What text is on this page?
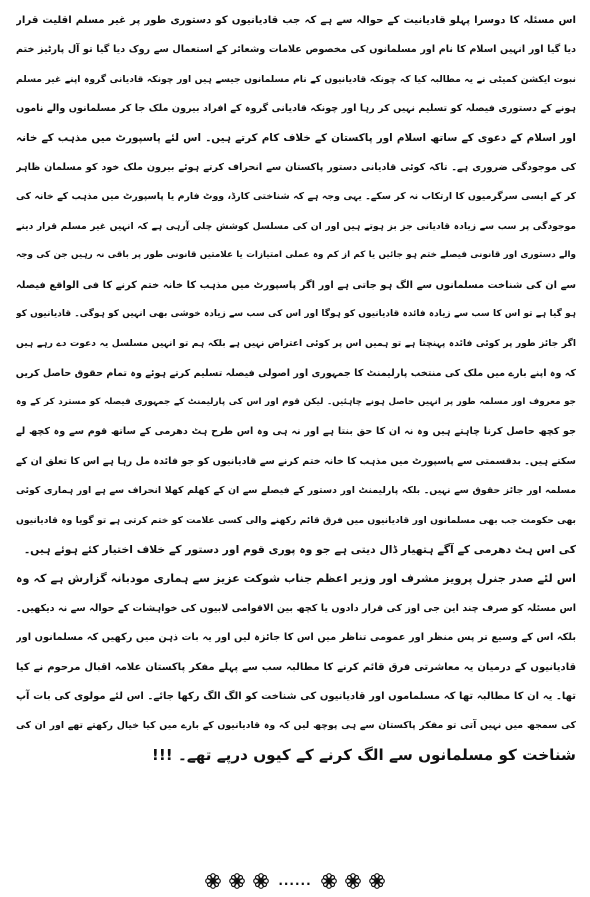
اس مسئلہ کا دوسرا پہلو قادیانیت کے حوالہ سے ہے کہ جب قادیانیوں کو دستوری طور پر غیر مسلم اقلیت قرار
دیا گیا اور انہیں اسلام کا نام اور مسلمانوں کی مخصوص علامات وشعائر کے استعمال سے روک دیا گیا تو آل پارٹیز ختم
نبوت ایکشن کمیٹی نے یہ مطالبہ کیا کہ چونکہ قادیانیوں کے نام مسلمانوں جیسے ہیں اور چونکہ قادیانی گروہ اپنے غیر مسلم
ہونے کے دستوری فیصلہ کو تسلیم نہیں کر رہا اور چونکہ قادیانی گروہ کے افراد بیرون ملک جا کر مسلمانوں والے ناموں
اور اسلام کے دعوی کے ساتھ اسلام اور پاکستان کے خلاف کام کرتے ہیں۔ اس لئے پاسپورٹ میں مذہب کے خانہ
کی موجودگی ضروری ہے۔ تاکہ کوئی قادیانی دستور پاکستان سے انحراف کرتے ہوئے بیرون ملک خود کو مسلمان ظاہر
کر کے ایسی سرگرمیوں کا ارتکاب نہ کر سکے۔ یہی وجہ ہے کہ شناختی کارڈ، ووٹ فارم یا پاسپورٹ میں مذہب کے خانہ کی
موجودگی پر سب سے زیادہ قادیانی جز بز ہوتے ہیں اور ان کی مسلسل کوشش چلی آرہی ہے کہ انہیں غیر مسلم قرار دینے
والے دستوری اور قانونی فیصلے ختم ہو جائیں یا کم از کم وہ عملی امتیازات یا علامتیں قانونی طور پر باقی نہ رہیں جن کی وجہ
سے ان کی شناخت مسلمانوں سے الگ ہو جاتی ہے اور اگر پاسپورٹ میں مذہب کا خانہ ختم کرنے کا فی الواقع فیصلہ
ہو گیا ہے تو اس کا سب سے زیادہ فائدہ قادیانیوں کو ہوگا اور اس کی سب سے زیادہ خوشی بھی انہیں کو ہوگی۔ قادیانیوں کو
اگر جائز طور پر کوئی فائدہ پہنچتا ہے تو ہمیں اس پر کوئی اعتراض نہیں ہے بلکہ ہم تو انہیں مسلسل یہ دعوت دے رہے ہیں
کہ وہ اپنے بارے میں ملک کی منتخب پارلیمنٹ کا جمہوری اور اصولی فیصلہ تسلیم کرتے ہوئے وہ تمام حقوق حاصل کریں
جو معروف اور مسلمہ طور پر انہیں حاصل ہونے چاہئیں۔ لیکن قوم اور اس کی پارلیمنٹ کے جمہوری فیصلہ کو مسترد کر کے وہ
جو کچھ حاصل کرنا چاہتے ہیں وہ نہ ان کا حق بنتا ہے اور نہ ہی وہ اس طرح ہٹ دھرمی کے ساتھ قوم سے وہ کچھ لے
سکتے ہیں۔ بدقسمتی سے پاسپورٹ میں مذہب کا خانہ ختم کرنے سے قادیانیوں کو جو فائدہ مل رہا ہے اس کا تعلق ان کے
مسلمہ اور جائز حقوق سے نہیں۔ بلکہ پارلیمنٹ اور دستور کے فیصلے سے ان کے کھلم کھلا انحراف سے ہے اور ہماری کوئی
بھی حکومت جب بھی مسلمانوں اور قادیانیوں میں فرق قائم رکھنے والی کسی علامت کو ختم کرتی ہے تو گویا وہ قادیانیوں
کی اس ہٹ دھرمی کے آگے ہتھیار ڈال دیتی ہے جو وہ پوری قوم اور دستور کے خلاف اختیار کئے ہوئے ہیں۔
اس لئے صدر جنرل پرویز مشرف اور وزیر اعظم جناب شوکت عزیز سے ہماری مودبانہ گزارش ہے کہ وہ
اس مسئلہ کو صرف چند این جی اوز کی قرار دادوں یا کچھ بین الاقوامی لابیوں کی خواہشات کے حوالہ سے نہ دیکھیں۔
بلکہ اس کے وسیع تر پس منظر اور عمومی تناظر میں اس کا جائزہ لیں اور یہ بات ذہن میں رکھیں کہ مسلمانوں اور
قادیانیوں کے درمیان یہ معاشرتی فرق قائم کرنے کا مطالبہ سب سے پہلے مفکر پاکستان علامہ اقبال مرحوم نے کیا
تھا۔ یہ ان کا مطالبہ تھا کہ مسلماموں اور قادیانیوں کی شناخت کو الگ الگ رکھا جائے۔ اس لئے مولوی کی بات آپ
کی سمجھ میں نہیں آتی تو مفکر پاکستان سے ہی پوچھ لیں کہ وہ قادیانیوں کے بارے میں کیا خیال رکھتے تھے اور ان کی
شناخت کو مسلمانوں سے الگ کرنے کے کیوں درپے تھے۔ !!!
......
